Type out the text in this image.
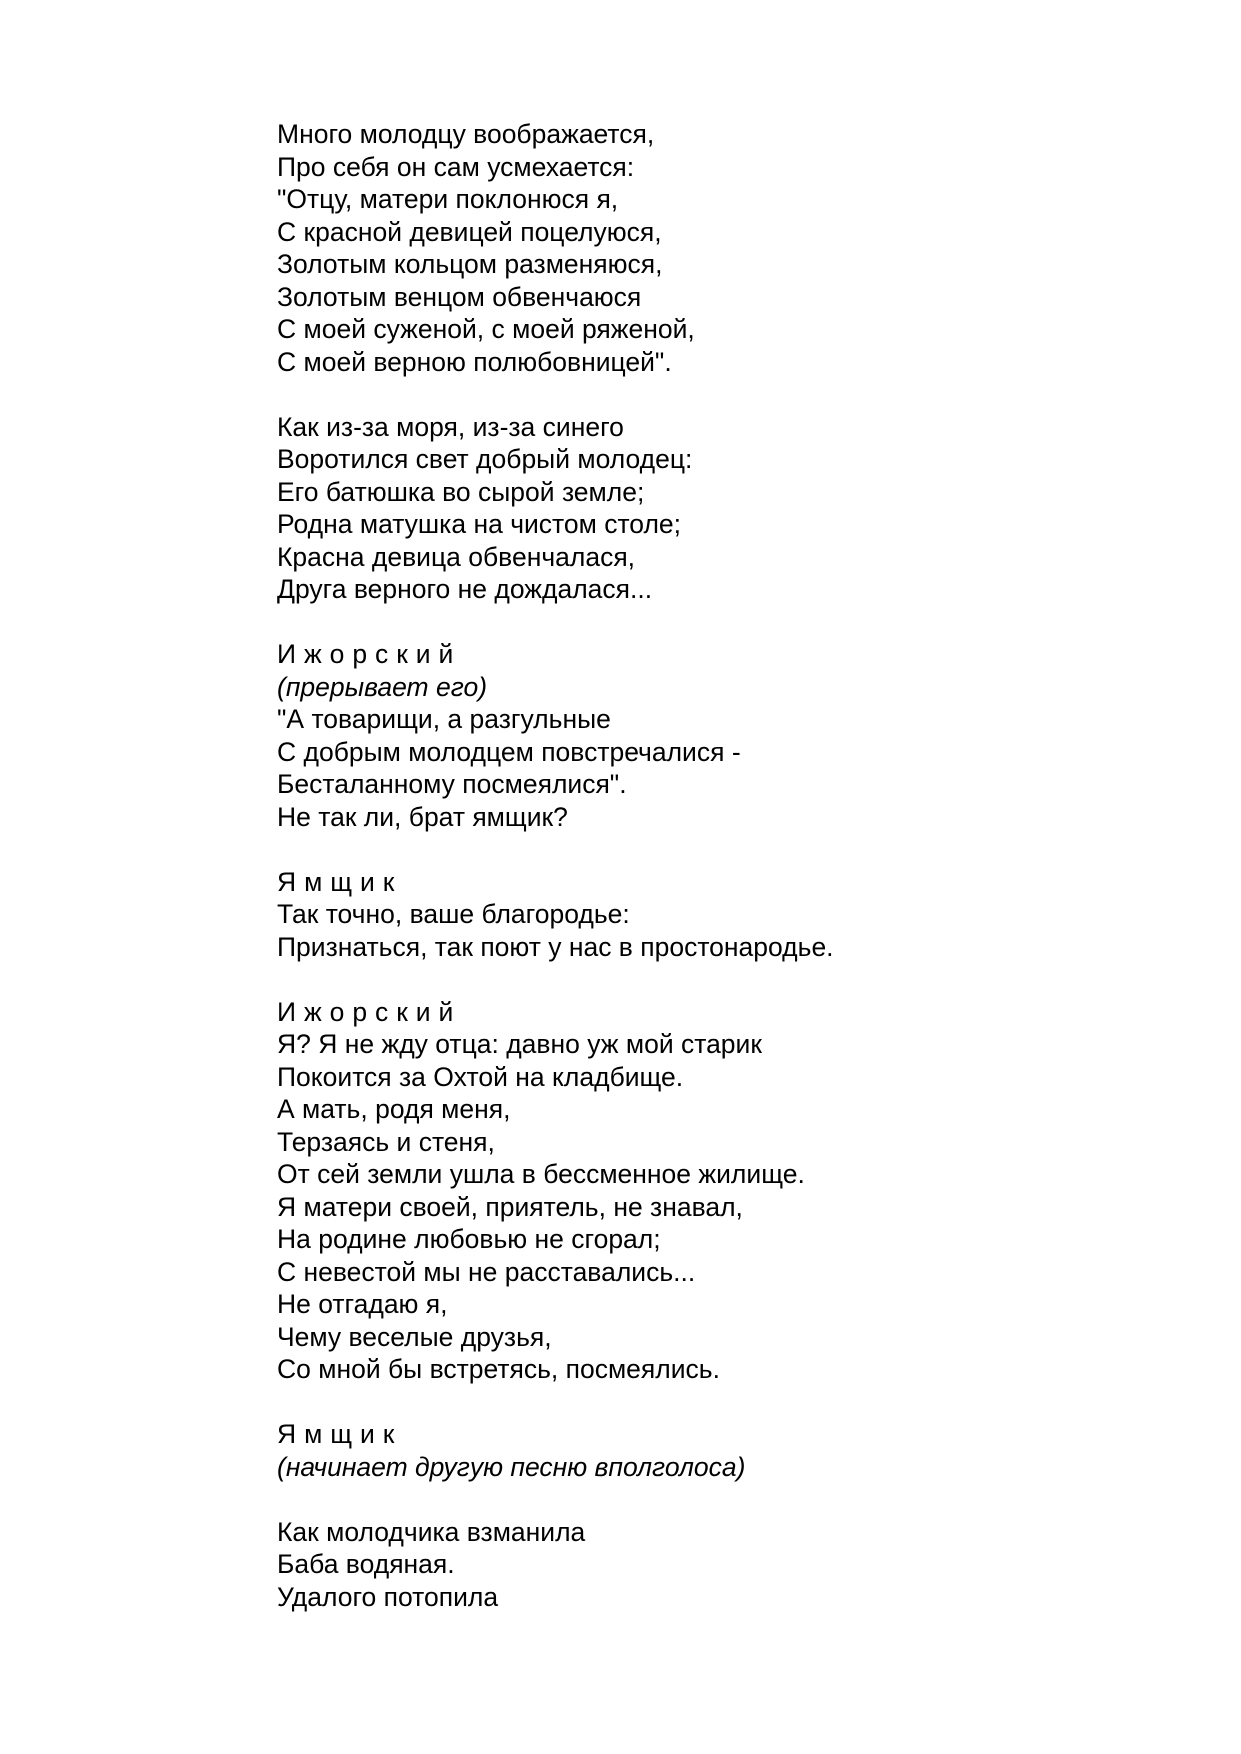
Много молодцу воображается,
Про себя он сам усмехается:
"Отцу, матери поклонюся я,
С красной девицей поцелуюся,
Золотым кольцом разменяюся,
Золотым венцом обвенчаюся
С моей суженой, с моей ряженой,
С моей верною полюбовницей".
Как из-за моря, из-за синего
Воротился свет добрый молодец:
Его батюшка во сырой земле;
Родна матушка на чистом столе;
Красна девица обвенчалася,
Друга верного не дождалася...
Ижорский
(прерывает его)
"А товарищи, а разгульные
С добрым молодцем повстречалися -
Бесталанному посмеялися".
Не так ли, брат ямщик?
Ямщик
Так точно, ваше благородье:
Признаться, так поют у нас в простонародье.
Ижорский
Я? Я не жду отца: давно уж мой старик
Покоится за Охтой на кладбище.
А мать, родя меня,
Терзаясь и стеня,
От сей земли ушла в бессменное жилище.
Я матери своей, приятель, не знавал,
На родине любовью не сгорал;
С невестой мы не расставались...
Не отгадаю я,
Чему веселые друзья,
Со мной бы встретясь, посмеялись.
Ямщик
(начинает другую песню вполголоса)
Как молодчика взманила
Баба водяная.
Удалого потопила
